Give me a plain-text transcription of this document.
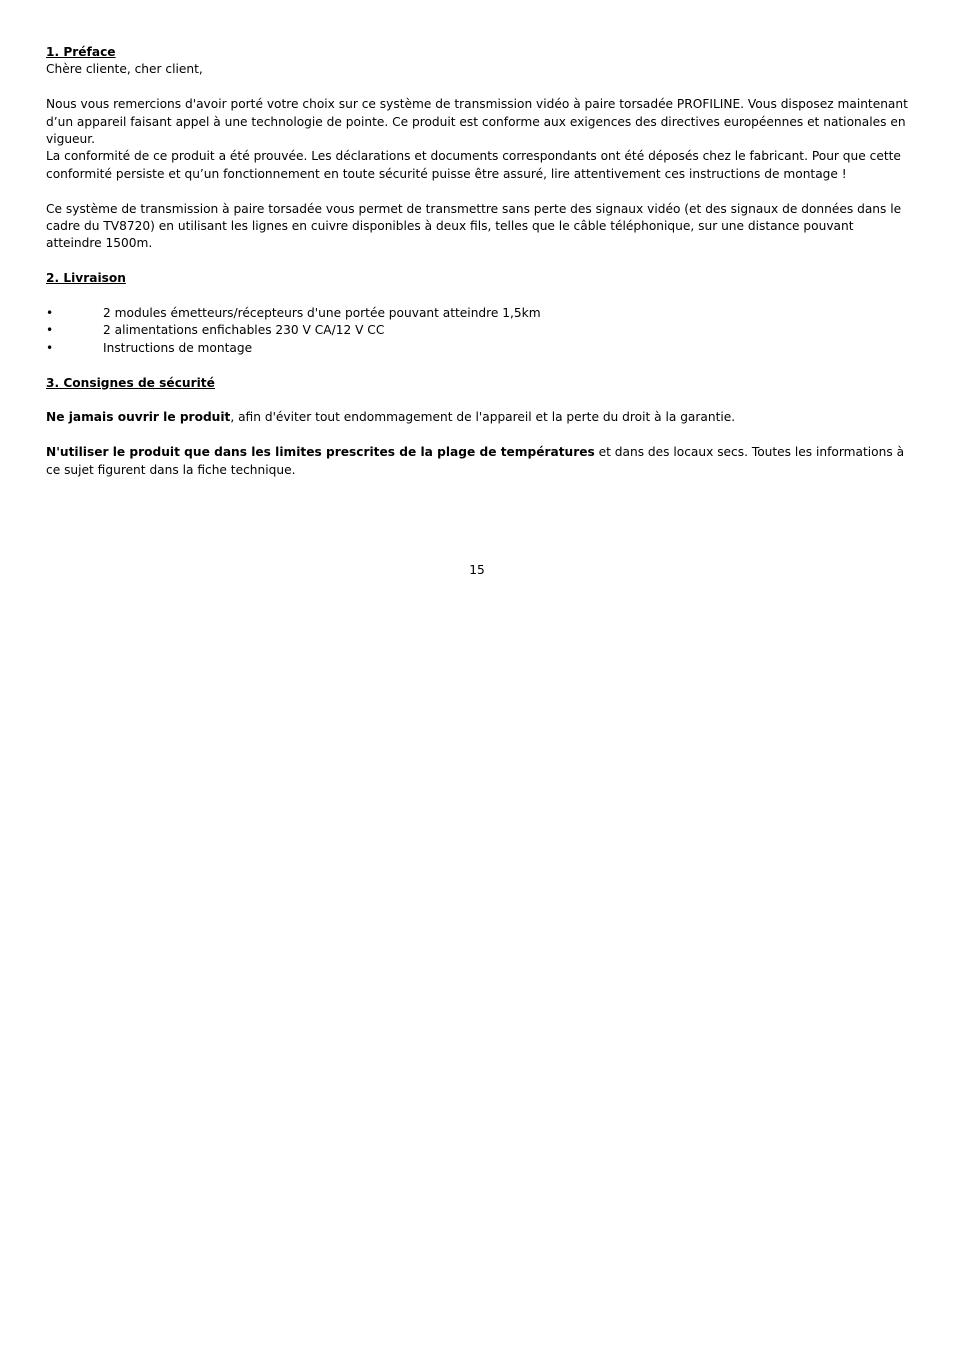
1. Préface

Chère cliente, cher client,

Nous vous remercions d'avoir porté votre choix sur ce système de transmission vidéo à paire torsadée PROFILINE. Vous disposez maintenant d’un appareil faisant appel à une technologie de pointe. Ce produit est conforme aux exigences des directives européennes et nationales en vigueur.

La conformité de ce produit a été prouvée. Les déclarations et documents correspondants ont été déposés chez le fabricant. Pour que cette conformité persiste et qu’un fonctionnement en toute sécurité puisse être assuré, lire attentivement ces instructions de montage !

Ce système de transmission à paire torsadée vous permet de transmettre sans perte des signaux vidéo (et des signaux de données dans le cadre du TV8720) en utilisant les lignes en cuivre disponibles à deux fils, telles que le câble téléphonique, sur une distance pouvant atteindre 1500m.

2. Livraison
•	2 modules émetteurs/récepteurs d'une portée pouvant atteindre 1,5km
•	2 alimentations enfichables 230 V CA/12 V CC
•	Instructions de montage
3. Consignes de sécurité

Ne jamais ouvrir le produit, afin d'éviter tout endommagement de l'appareil et la perte du droit à la garantie.

N'utiliser le produit que dans les limites prescrites de la plage de températures et dans des locaux secs. Toutes les informations à ce sujet figurent dans la fiche technique.

15
